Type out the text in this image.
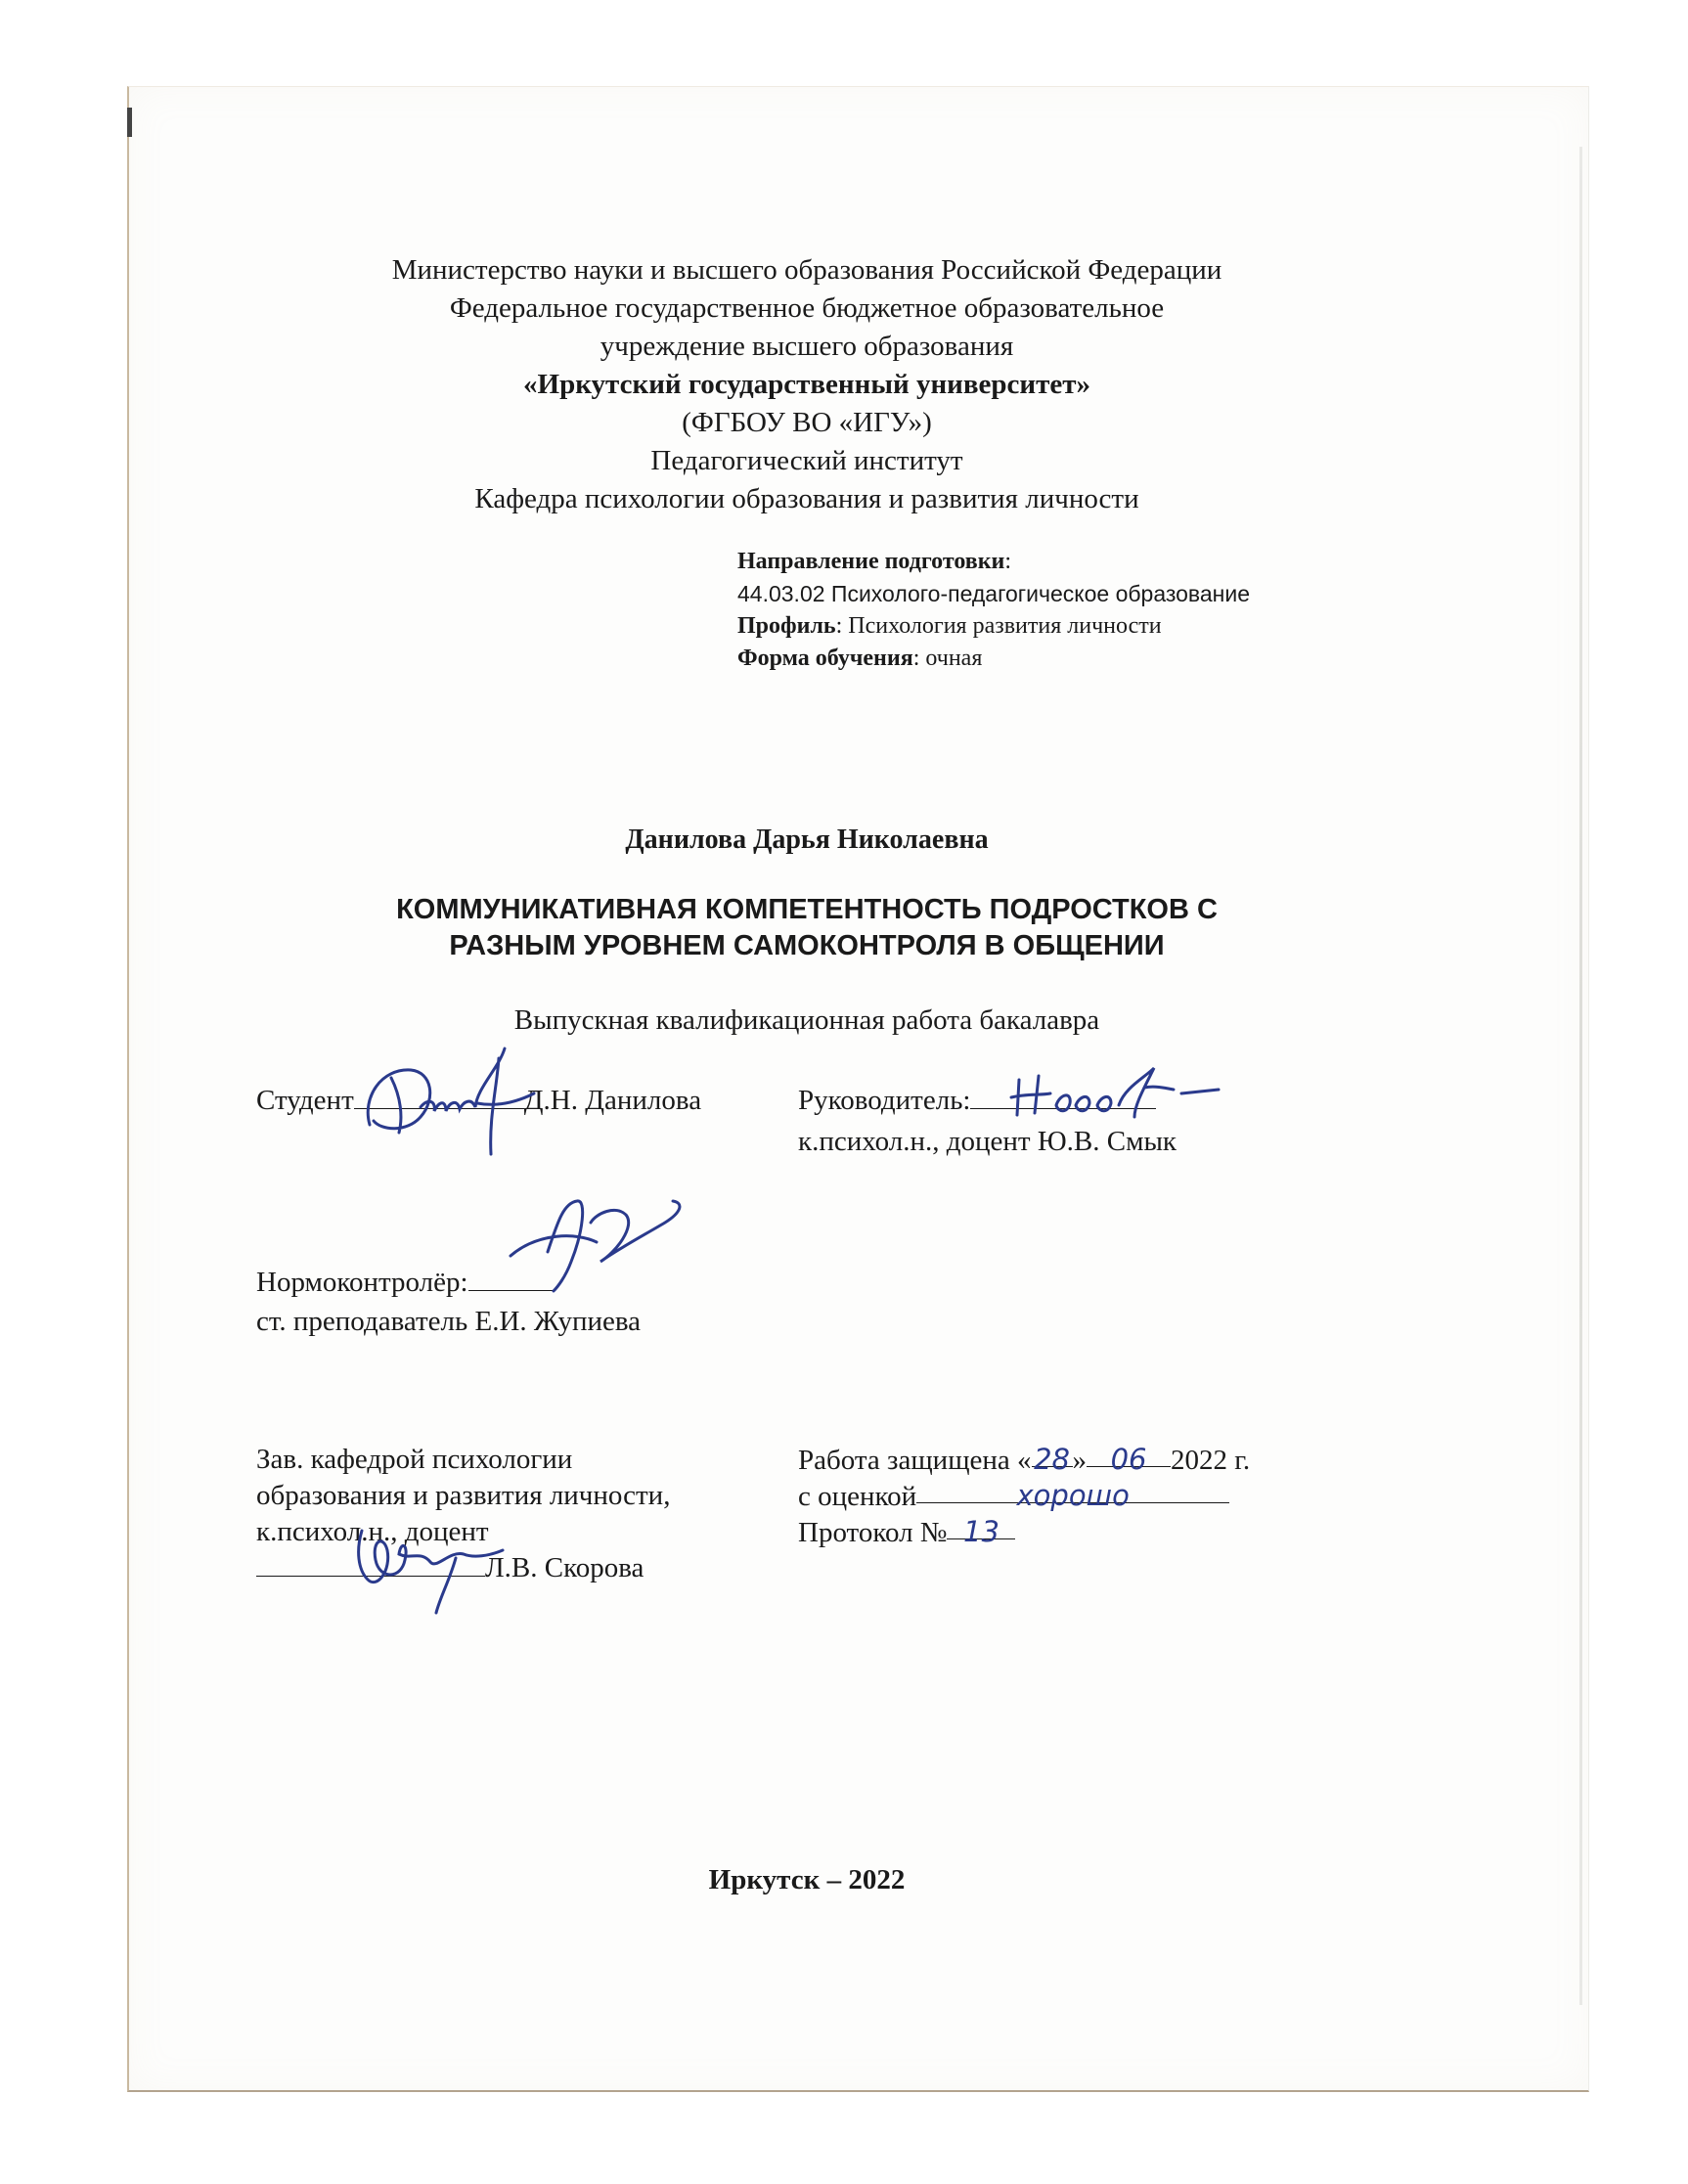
Министерство науки и высшего образования Российской Федерации
Федеральное государственное бюджетное образовательное
учреждение высшего образования
«Иркутский государственный университет»
(ФГБОУ ВО «ИГУ»)
Педагогический институт
Кафедра психологии образования и развития личности
Направление подготовки:
44.03.02 Психолого-педагогическое образование
Профиль: Психология развития личности
Форма обучения: очная
Данилова Дарья Николаевна
КОММУНИКАТИВНАЯ КОМПЕТЕНТНОСТЬ ПОДРОСТКОВ С
РАЗНЫМ УРОВНЕМ САМОКОНТРОЛЯ В ОБЩЕНИИ
Выпускная квалификационная работа бакалавра
Студент	Д.Н. Данилова	Руководитель:
к.психол.н., доцент Ю.В. Смык
Нормоконтролёр:
ст. преподаватель Е.И. Жупиева
Зав. кафедрой психологии
образования и развития личности,
к.психол.н., доцент
Л.В. Скорова
Работа защищена «28» 06 2022 г.
с оценкой	хорошо
Протокол № 13
Иркутск – 2022
